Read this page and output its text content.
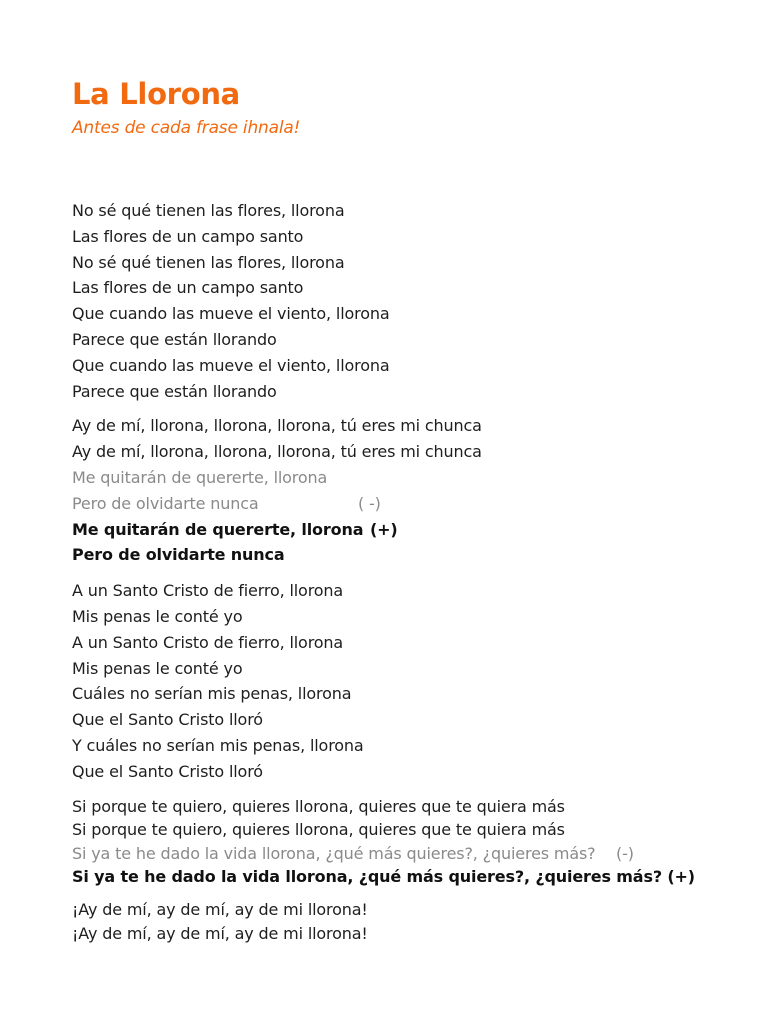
La Llorona
Antes de cada frase ihnala!
No sé qué tienen las flores, llorona
Las flores de un campo santo
No sé qué tienen las flores, llorona
Las flores de un campo santo
Que cuando las mueve el viento, llorona
Parece que están llorando
Que cuando las mueve el viento, llorona
Parece que están llorando
Ay de mí, llorona, llorona, llorona, tú eres mi chunca
Ay de mí, llorona, llorona, llorona, tú eres mi chunca
Me quitarán de quererte, llorona
Pero de olvidarte nunca	( -)
Me quitarán de quererte, llorona (+)
Pero de olvidarte nunca
A un Santo Cristo de fierro, llorona
Mis penas le conté yo
A un Santo Cristo de fierro, llorona
Mis penas le conté yo
Cuáles no serían mis penas, llorona
Que el Santo Cristo lloró
Y cuáles no serían mis penas, llorona
Que el Santo Cristo lloró
Si porque te quiero, quieres llorona, quieres que te quiera más
Si porque te quiero, quieres llorona, quieres que te quiera más
Si ya te he dado la vida llorona, ¿qué más quieres?, ¿quieres más? (-)
Si ya te he dado la vida llorona, ¿qué más quieres?, ¿quieres más? (+)
¡Ay de mí, ay de mí, ay de mi llorona!
¡Ay de mí, ay de mí, ay de mi llorona!
